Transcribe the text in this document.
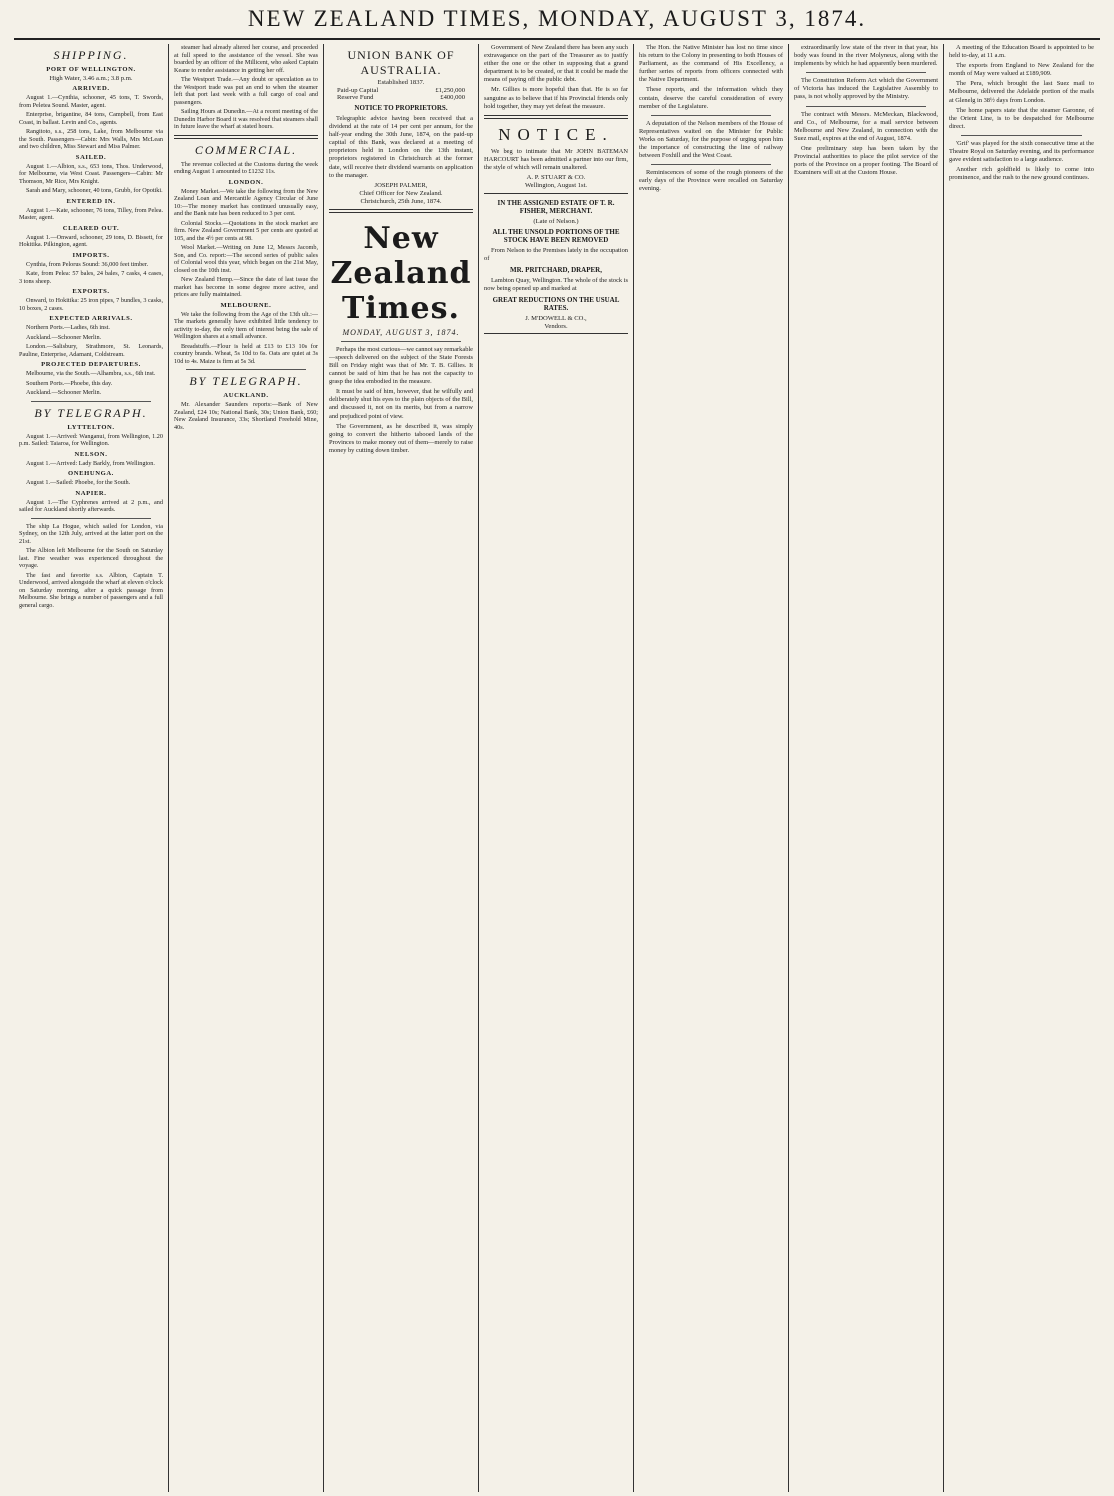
NEW ZEALAND TIMES, MONDAY, AUGUST 3, 1874.
SHIPPING.
PORT OF WELLINGTON.
High Water, 3.46 a.m.; 3.8 p.m.
ARRIVED.

August 1.—Cynthia, schooner, 45 tons, T. Swords, from Peletea Sound. Master, agent.

Enterprise, brigantine, 84 tons, Campbell, from East Coast, in ballast. Levin and Co., agents.

Rangitoto, s.s., 258 tons, Lake, from Melbourne via the South. Passengers—Cabin: Mrs Walls, Mrs McLean and two children, Miss Stewart and Miss Palmer.

SAILED.

August 1.—Albion, s.s., 653 tons, Thos. Underwood, for Melbourne, via West Coast. Passengers—Cabin: Mr Thomson, Mr Rice, Mrs Knight.

Sarah and Mary, schooner, 40 tons, Grubb, for Opotiki.

ENTERED IN.

August 1.—Kate, schooner, 76 tons, Tilley, from Pelea. Master, agent.

CLEARED OUT.

August 1.—Onward, schooner, 29 tons, D. Bissett, for Hokitika. Pilkington, agent.

IMPORTS.

Cynthia, from Pelorus Sound: 36,000 feet timber.

Kate, from Pelea: 57 bales, 24 bales, 7 casks, 4 cases, 3 tons sheep.

EXPORTS.

Onward, to Hokitika: 25 iron pipes, 7 bundles, 3 casks, 10 boxes, 2 cases.

EXPECTED ARRIVALS.

Northern Ports.—Ladies, 6th inst.

Auckland.—Schooner Merlin.

London.—Salisbury, Strathmore, St. Leonards, Pauline, Enterprise, Adamant, Coldstream.

PROJECTED DEPARTURES.

Melbourne, via the South.—Alhambra, s.s., 6th inst.

Southern Ports.—Phoebe, this day.

Auckland.—Schooner Merlin.

BY TELEGRAPH.
LYTTELTON.

August 1.—Arrived: Wanganui, from Wellington, 1.20 p.m. Sailed: Taiaroa, for Wellington.

NELSON.

August 1.—Arrived: Lady Barkly, from Wellington.

ONEHUNGA.

August 1.—Sailed: Phoebe, for the South.

NAPIER.

August 1.—The Cyphrenes arrived at 2 p.m., and sailed for Auckland shortly afterwards.

The ship La Hogue, which sailed for London, via Sydney, on the 12th July, arrived at the latter port on the 21st.

The Albion left Melbourne for the South on Saturday last. Fine weather was experienced throughout the voyage.

The fast and favorite s.s. Albion, Captain T. Underwood, arrived alongside the wharf at eleven o'clock on Saturday morning, after a quick passage from Melbourne. She brings a number of passengers and a full general cargo.

steamer had already altered her course, and proceeded at full speed to the assistance of the vessel. She was boarded by an officer of the Millicent, who asked Captain Keane to render assistance in getting her off.

The Westport Trade.—Any doubt or speculation as to the Westport trade was put an end to when the steamer left that port last week with a full cargo of coal and passengers.

Sailing Hours at Dunedin.—At a recent meeting of the Dunedin Harbor Board it was resolved that steamers shall in future leave the wharf at stated hours.

COMMERCIAL.

The revenue collected at the Customs during the week ending August 1 amounted to £1232 11s.

LONDON.

Money Market.—We take the following from the New Zealand Loan and Mercantile Agency Circular of June 10:—The money market has continued unusually easy, and the Bank rate has been reduced to 3 per cent.

Colonial Stocks.—Quotations in the stock market are firm. New Zealand Government 5 per cents are quoted at 105, and the 4½ per cents at 98.

Wool Market.—Writing on June 12, Messrs Jacomb, Son, and Co. report:—The second series of public sales of Colonial wool this year, which began on the 21st May, closed on the 10th inst.

New Zealand Hemp.—Since the date of last issue the market has become in some degree more active, and prices are fully maintained.

MELBOURNE.

We take the following from the Age of the 13th ult.:—The markets generally have exhibited little tendency to activity to-day, the only item of interest being the sale of Wellington shares at a small advance.

Breadstuffs.—Flour is held at £13 to £13 10s for country brands. Wheat, 5s 10d to 6s. Oats are quiet at 3s 10d to 4s. Maize is firm at 5s 3d.

BY TELEGRAPH.
AUCKLAND.

Mr. Alexander Saunders reports:—Bank of New Zealand, £24 10s; National Bank, 30s; Union Bank, £60; New Zealand Insurance, 33s; Shortland Freehold Mine, 40s.

UNION BANK OF AUSTRALIA.
Established 1837.
Paid-up Capital	£1,250,000
Reserve Fund	£400,000
NOTICE TO PROPRIETORS.

Telegraphic advice having been received that a dividend at the rate of 14 per cent per annum, for the half-year ending the 30th June, 1874, on the paid-up capital of this Bank, was declared at a meeting of proprietors held in London on the 13th instant, proprietors registered in Christchurch at the former date, will receive their dividend warrants on application to the manager.

JOSEPH PALMER,
Chief Officer for New Zealand.
Christchurch, 25th June, 1874.
New Zealand Times.
MONDAY, AUGUST 3, 1874.

Perhaps the most curious—we cannot say remarkable—speech delivered on the subject of the State Forests Bill on Friday night was that of Mr. T. B. Gillies. It cannot be said of him that he has not the capacity to grasp the idea embodied in the measure.

It must be said of him, however, that he wilfully and deliberately shut his eyes to the plain objects of the Bill, and discussed it, not on its merits, but from a narrow and prejudiced point of view.

The Government, as he described it, was simply going to convert the hitherto tabooed lands of the Provinces to make money out of them—merely to raise money by cutting down timber.

Government of New Zealand there has been any such extravagance on the part of the Treasurer as to justify either the one or the other in supposing that a grand department is to be created, or that it could be made the means of paying off the public debt.

Mr. Gillies is more hopeful than that. He is so far sanguine as to believe that if his Provincial friends only hold together, they may yet defeat the measure.

NOTICE.

We beg to intimate that Mr JOHN BATEMAN HARCOURT has been admitted a partner into our firm, the style of which will remain unaltered.

A. P. STUART & CO.
Wellington, August 1st.
IN THE ASSIGNED ESTATE OF T. R. FISHER, MERCHANT.
(Late of Nelson.)
ALL THE UNSOLD PORTIONS OF THE STOCK HAVE BEEN REMOVED

From Nelson to the Premises lately in the occupation of

MR. PRITCHARD, DRAPER,

Lambton Quay, Wellington. The whole of the stock is now being opened up and marked at

GREAT REDUCTIONS ON THE USUAL RATES.
J. M'DOWELL & CO.,
Vendors.

The Hon. the Native Minister has lost no time since his return to the Colony in presenting to both Houses of Parliament, as the command of His Excellency, a further series of reports from officers connected with the Native Department.

These reports, and the information which they contain, deserve the careful consideration of every member of the Legislature.

A deputation of the Nelson members of the House of Representatives waited on the Minister for Public Works on Saturday, for the purpose of urging upon him the importance of constructing the line of railway between Foxhill and the West Coast.

Reminiscences of some of the rough pioneers of the early days of the Province were recalled on Saturday evening.

extraordinarily low state of the river in that year, his body was found in the river Molyneux, along with the implements by which he had apparently been murdered.

The Constitution Reform Act which the Government of Victoria has induced the Legislative Assembly to pass, is not wholly approved by the Ministry.

The contract with Messrs. McMeckan, Blackwood, and Co., of Melbourne, for a mail service between Melbourne and New Zealand, in connection with the Suez mail, expires at the end of August, 1874.

One preliminary step has been taken by the Provincial authorities to place the pilot service of the ports of the Province on a proper footing. The Board of Examiners will sit at the Custom House.

A meeting of the Education Board is appointed to be held to-day, at 11 a.m.

The exports from England to New Zealand for the month of May were valued at £189,909.

The Pera, which brought the last Suez mail to Melbourne, delivered the Adelaide portion of the mails at Glenelg in 38½ days from London.

The home papers state that the steamer Garonne, of the Orient Line, is to be despatched for Melbourne direct.

'Grif' was played for the sixth consecutive time at the Theatre Royal on Saturday evening, and its performance gave evident satisfaction to a large audience.

Another rich goldfield is likely to come into prominence, and the rush to the new ground continues.
